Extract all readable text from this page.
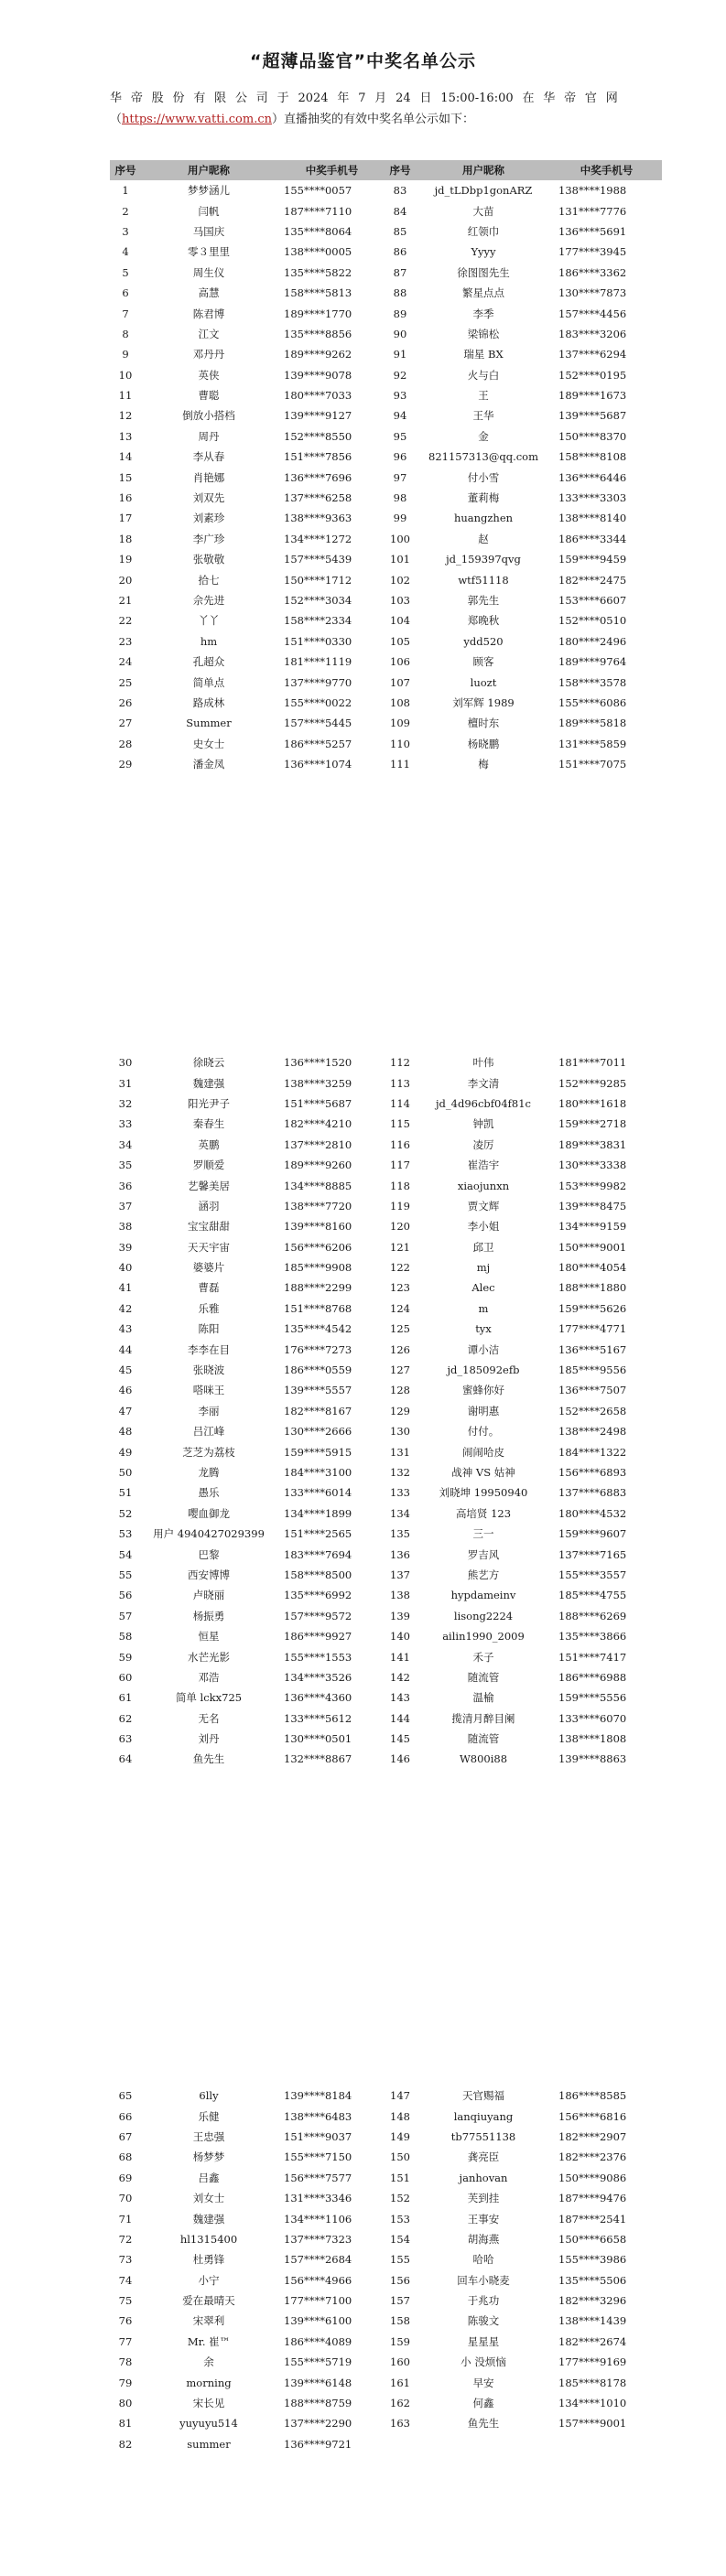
“超薄品鉴官”中奖名单公示
华 帝 股 份 有 限 公 司 于 2024 年 7 月 24 日 15:00-16:00 在 华 帝 官 网
（https://www.vatti.com.cn）直播抽奖的有效中奖名单公示如下：
序号	用户昵称	中奖手机号
1	梦梦涵儿	155****0057
2	闫帆	187****7110
3	马国庆	135****8064
4	零３里里	138****0005
5	周生仪	135****5822
6	高慧	158****5813
7	陈君博	189****1770
8	江文	135****8856
9	邓丹丹	189****9262
10	英侠	139****9078
11	曹聪	180****7033
12	倒放小搭档	139****9127
13	周丹	152****8550
14	李从春	151****7856
15	肖艳娜	136****7696
16	刘双先	137****6258
17	刘素珍	138****9363
18	李广珍	134****1272
19	张敬敬	157****5439
20	拾七	150****1712
21	佘先进	152****3034
22	丫丫	158****2334
23	hm	151****0330
24	孔超众	181****1119
25	简单点	137****9770
26	路成林	155****0022
27	Summer	157****5445
28	史女士	186****5257
29	潘金凤	136****1074
序号	用户昵称	中奖手机号
83	jd_tLDbp1gonARZ	138****1988
84	大苗	131****7776
85	红领巾	136****5691
86	Yyyy	177****3945
87	徐图图先生	186****3362
88	繁星点点	130****7873
89	李季	157****4456
90	梁锦松	183****3206
91	瑞星 BX	137****6294
92	火与白	152****0195
93	王	189****1673
94	王华	139****5687
95	金	150****8370
96	821157313@qq.com	158****8108
97	付小雪	136****6446
98	董莉梅	133****3303
99	huangzhen	138****8140
100	赵	186****3344
101	jd_159397qvg	159****9459
102	wtf51118	182****2475
103	郭先生	153****6607
104	郑晚秋	152****0510
105	ydd520	180****2496
106	顾客	189****9764
107	luozt	158****3578
108	刘军辉 1989	155****6086
109	檀时东	189****5818
110	杨晓鹏	131****5859
111	梅	151****7075
30	徐晓云	136****1520
31	魏建强	138****3259
32	阳光尹子	151****5687
33	秦春生	182****4210
34	英鹏	137****2810
35	罗顺爱	189****9260
36	艺馨美居	134****8885
37	涵羽	138****7720
38	宝宝甜甜	139****8160
39	天天宇宙	156****6206
40	婆婆片	185****9908
41	曹磊	188****2299
42	乐雅	151****8768
43	陈阳	135****4542
44	李李在目	176****7273
45	张晓波	186****0559
46	嗒咪王	139****5557
47	李丽	182****8167
48	吕江峰	130****2666
49	芝芝为荔枝	159****5915
50	龙腾	184****3100
51	愚乐	133****6014
52	嘤血御龙	134****1899
53	用户 4940427029399	151****2565
54	巴黎	183****7694
55	西安博博	158****8500
56	卢晓丽	135****6992
57	杨振勇	157****9572
58	恒星	186****9927
59	水芒光影	155****1553
60	邓浩	134****3526
61	简单 lckx725	136****4360
62	无名	133****5612
63	刘丹	130****0501
64	鱼先生	132****8867
112	叶伟	181****7011
113	李文清	152****9285
114	jd_4d96cbf04f81c	180****1618
115	钟凯	159****2718
116	凌厉	189****3831
117	崔浩宇	130****3338
118	xiaojunxn	153****9982
119	贾文辉	139****8475
120	李小姐	134****9159
121	邱卫	150****9001
122	mj	180****4054
123	Alec	188****1880
124	m	159****5626
125	tyx	177****4771
126	谭小洁	136****5167
127	jd_185092efb	185****9556
128	蜜蜂你好	136****7507
129	谢明惠	152****2658
130	付付。	138****2498
131	闹闹哈皮	184****1322
132	战神 VS 姑神	156****6893
133	刘晓坤 19950940	137****6883
134	高培贤 123	180****4532
135	三一	159****9607
136	罗吉风	137****7165
137	熊艺方	155****3557
138	hypdameinv	185****4755
139	lisong2224	188****6269
140	ailin1990_2009	135****3866
141	禾子	151****7417
142	随流管	186****6988
143	温榆	159****5556
144	揽清月醉目阑	133****6070
145	随流管	138****1808
146	W800i88	139****8863
65	6lly	139****8184
66	乐健	138****6483
67	王忠强	151****9037
68	杨梦梦	155****7150
69	吕鑫	156****7577
70	刘女士	131****3346
71	魏建强	134****1106
72	hl1315400	137****7323
73	杜勇锋	157****2684
74	小宁	156****4966
75	爱在最晴天	177****7100
76	宋翠利	139****6100
77	Mr. 崔™	186****4089
78	余	155****5719
79	morning	139****6148
80	宋长见	188****8759
81	yuyuyu514	137****2290
82	summer	136****9721
147	天官赐福	186****8585
148	lanqiuyang	156****6816
149	tb77551138	182****2907
150	龚亮臣	182****2376
151	janhovan	150****9086
152	芙到挂	187****9476
153	王事安	187****2541
154	胡海燕	150****6658
155	哈哈	155****3986
156	回车小晓麦	135****5506
157	于兆功	182****3296
158	陈骏文	138****1439
159	星星星	182****2674
160	小 没烦恼	177****9169
161	早安	185****8178
162	何鑫	134****1010
163	鱼先生	157****9001
